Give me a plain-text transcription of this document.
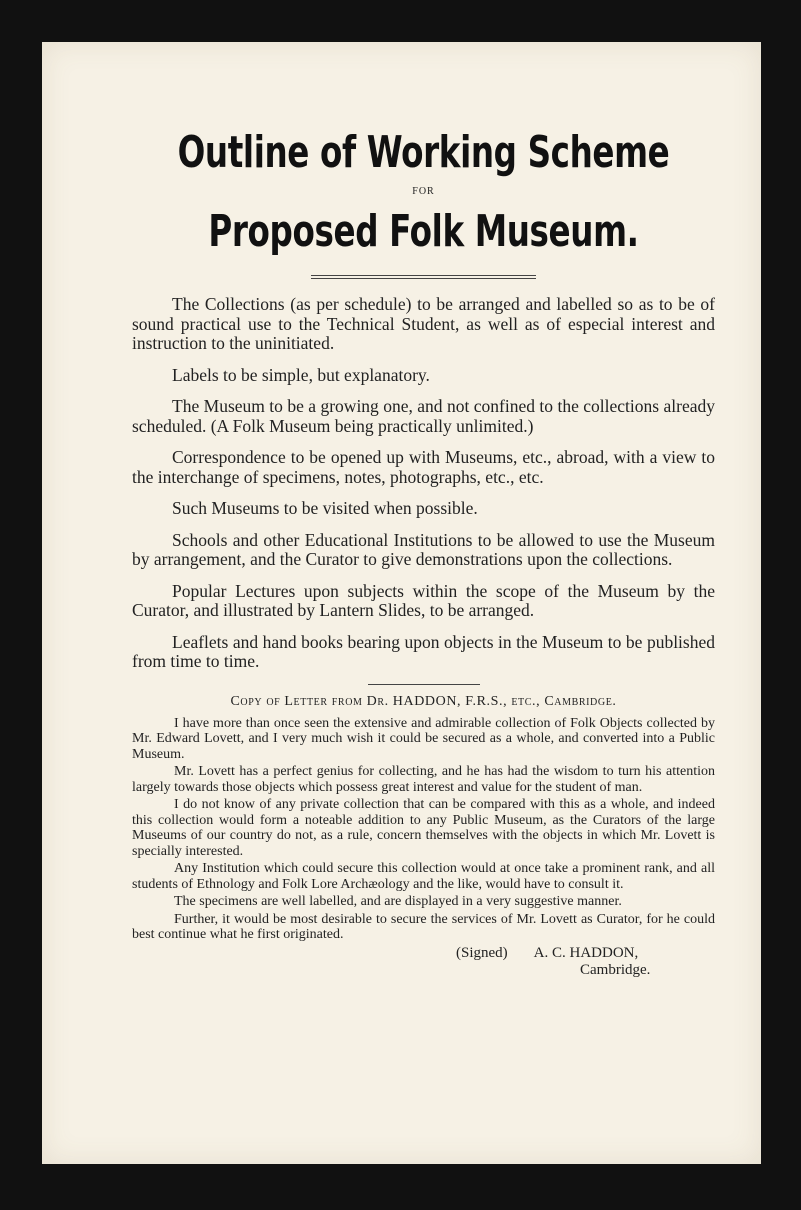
Outline of Working Scheme
FOR
Proposed Folk Museum.

The Collections (as per schedule) to be arranged and labelled so as to be of sound practical use to the Technical Student, as well as of especial interest and instruction to the uninitiated.

Labels to be simple, but explanatory.

The Museum to be a growing one, and not confined to the collections already scheduled. (A Folk Museum being practically unlimited.)

Correspondence to be opened up with Museums, etc., abroad, with a view to the interchange of specimens, notes, photographs, etc., etc.

Such Museums to be visited when possible.

Schools and other Educational Institutions to be allowed to use the Museum by arrangement, and the Curator to give demonstrations upon the collections.

Popular Lectures upon subjects within the scope of the Museum by the Curator, and illustrated by Lantern Slides, to be arranged.

Leaflets and hand books bearing upon objects in the Museum to be published from time to time.

Copy of Letter from Dr. HADDON, F.R.S., etc., Cambridge.

I have more than once seen the extensive and admirable collection of Folk Objects collected by Mr. Edward Lovett, and I very much wish it could be secured as a whole, and converted into a Public Museum.

Mr. Lovett has a perfect genius for collecting, and he has had the wisdom to turn his attention largely towards those objects which possess great interest and value for the student of man.

I do not know of any private collection that can be compared with this as a whole, and indeed this collection would form a noteable addition to any Public Museum, as the Curators of the large Museums of our country do not, as a rule, concern themselves with the objects in which Mr. Lovett is specially interested.

Any Institution which could secure this collection would at once take a prominent rank, and all students of Ethnology and Folk Lore Archæology and the like, would have to consult it.

The specimens are well labelled, and are displayed in a very suggestive manner.

Further, it would be most desirable to secure the services of Mr. Lovett as Curator, for he could best continue what he first originated.

(Signed) A. C. HADDON,
Cambridge.
